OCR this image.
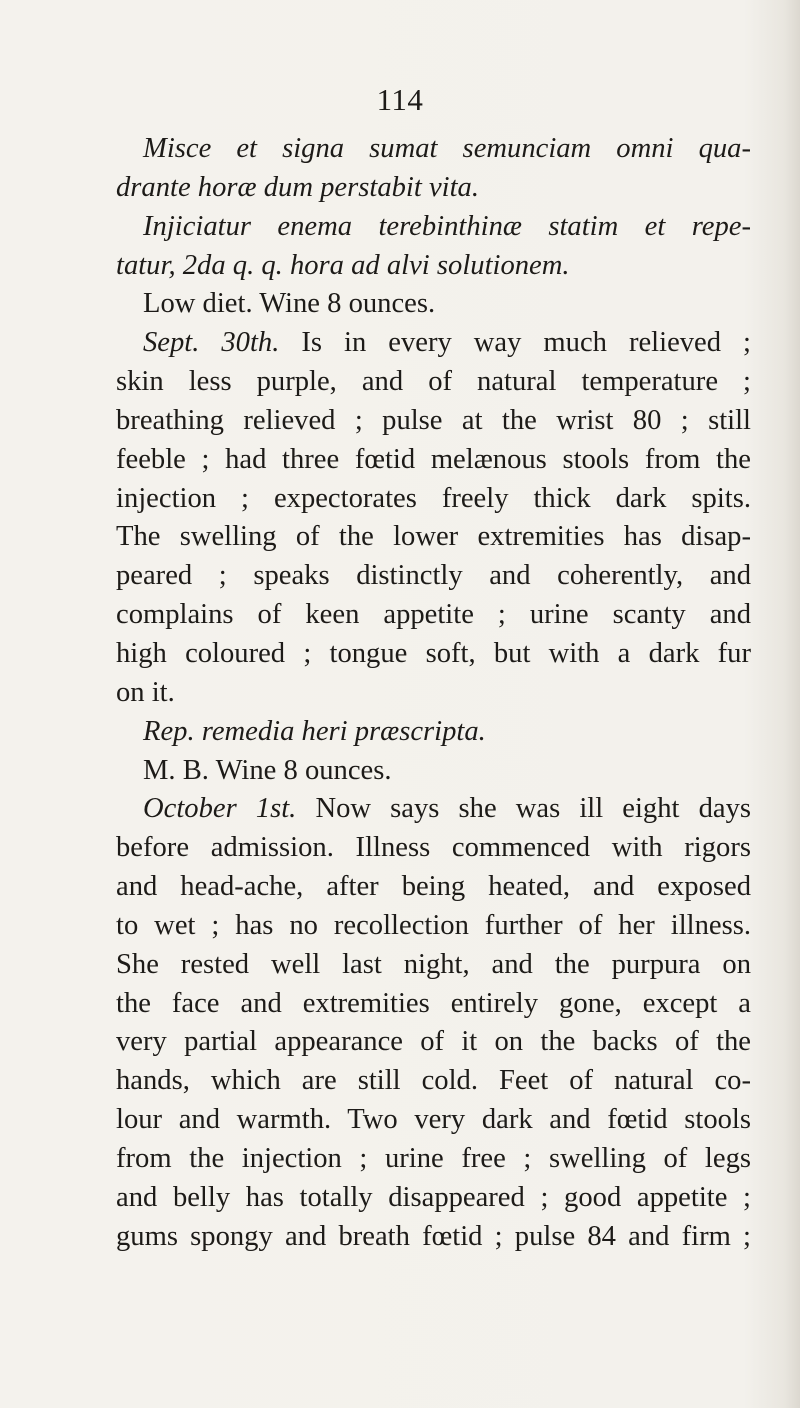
114
Misce et signa sumat semunciam omni qua-
drante horæ dum perstabit vita.
Injiciatur enema terebinthinæ statim et repe-
tatur, 2da q. q. hora ad alvi solutionem.
Low diet. Wine 8 ounces.
Sept. 30th. Is in every way much relieved ;
skin less purple, and of natural temperature ;
breathing relieved ; pulse at the wrist 80 ; still
feeble ; had three fœtid melænous stools from the
injection ; expectorates freely thick dark spits.
The swelling of the lower extremities has disap-
peared ; speaks distinctly and coherently, and
complains of keen appetite ; urine scanty and
high coloured ; tongue soft, but with a dark fur
on it.
Rep. remedia heri præscripta.
M. B. Wine 8 ounces.
October 1st. Now says she was ill eight days
before admission. Illness commenced with rigors
and head-ache, after being heated, and exposed
to wet ; has no recollection further of her illness.
She rested well last night, and the purpura on
the face and extremities entirely gone, except a
very partial appearance of it on the backs of the
hands, which are still cold. Feet of natural co-
lour and warmth. Two very dark and fœtid stools
from the injection ; urine free ; swelling of legs
and belly has totally disappeared ; good appetite ;
gums spongy and breath fœtid ; pulse 84 and firm ;
